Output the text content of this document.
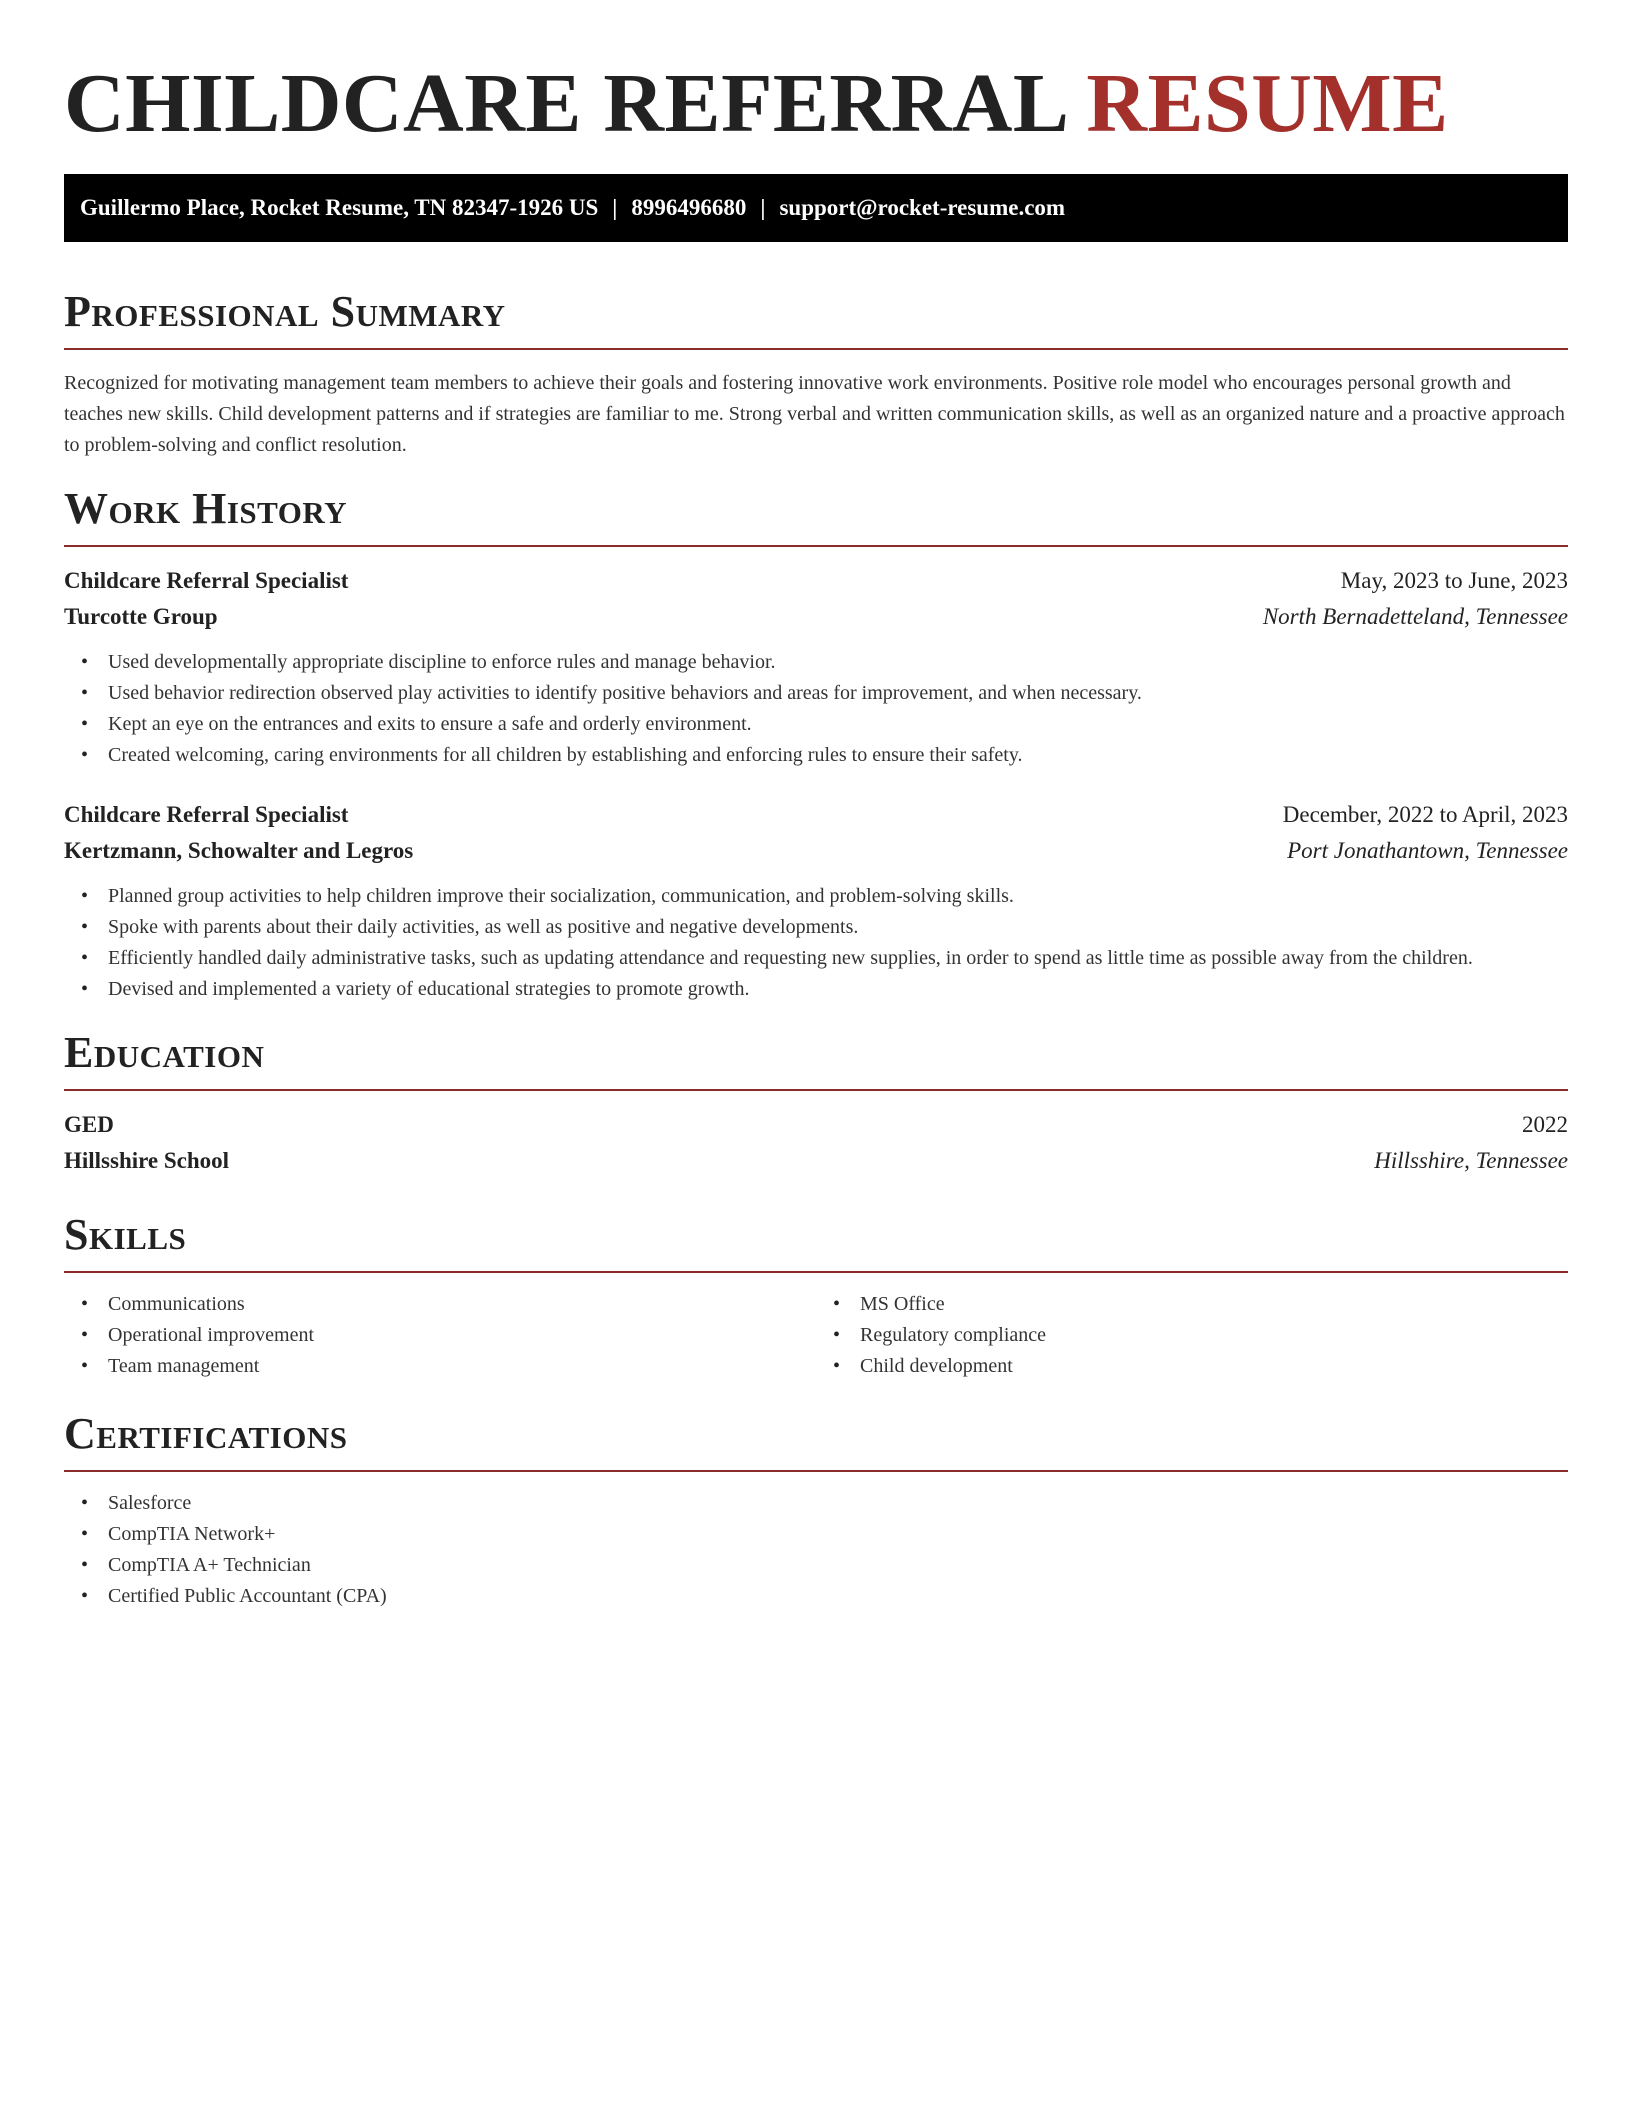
CHILDCARE REFERRAL RESUME
Guillermo Place, Rocket Resume, TN 82347-1926 US | 8996496680 | support@rocket-resume.com
Professional Summary

Recognized for motivating management team members to achieve their goals and fostering innovative work environments. Positive role model who encourages personal growth and teaches new skills. Child development patterns and if strategies are familiar to me. Strong verbal and written communication skills, as well as an organized nature and a proactive approach to problem-solving and conflict resolution.

Work History
Childcare Referral Specialist	May, 2023 to June, 2023
Turcotte Group	North Bernadetteland, Tennessee
• Used developmentally appropriate discipline to enforce rules and manage behavior.
• Used behavior redirection observed play activities to identify positive behaviors and areas for improvement, and when necessary.
• Kept an eye on the entrances and exits to ensure a safe and orderly environment.
• Created welcoming, caring environments for all children by establishing and enforcing rules to ensure their safety.
Childcare Referral Specialist	December, 2022 to April, 2023
Kertzmann, Schowalter and Legros	Port Jonathantown, Tennessee
• Planned group activities to help children improve their socialization, communication, and problem-solving skills.
• Spoke with parents about their daily activities, as well as positive and negative developments.
• Efficiently handled daily administrative tasks, such as updating attendance and requesting new supplies, in order to spend as little time as possible away from the children.
• Devised and implemented a variety of educational strategies to promote growth.
Education
GED	2022
Hillsshire School	Hillsshire, Tennessee
Skills
• Communications
• Operational improvement
• Team management
• MS Office
• Regulatory compliance
• Child development
Certifications
• Salesforce
• CompTIA Network+
• CompTIA A+ Technician
• Certified Public Accountant (CPA)
